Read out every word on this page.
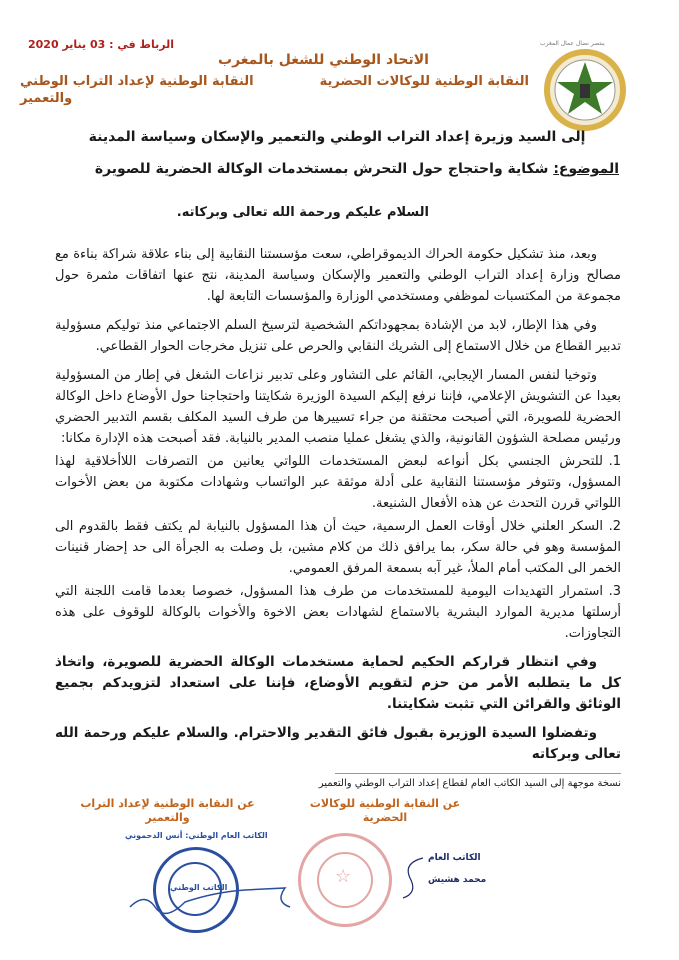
ينتصر نضال عمال المغرب
الرباط في : 03 يناير 2020
الاتحاد الوطني للشغل بالمغرب
النقابة الوطنية للوكالات الحضرية
النقابة الوطنية لإعداد التراب الوطني والتعمير
إلى السيد وزيرة إعداد التراب الوطني والتعمير والإسكان وسياسة المدينة
الموضوع: شكاية واحتجاج حول التحرش بمستخدمات الوكالة الحضرية للصويرة
السلام عليكم ورحمة الله تعالى وبركاته.
وبعد، منذ تشكيل حكومة الحراك الديموقراطي، سعت مؤسستنا النقابية إلى بناء علاقة شراكة بناءة مع مصالح وزارة إعداد التراب الوطني والتعمير والإسكان وسياسة المدينة، نتج عنها اتفاقات مثمرة حول مجموعة من المكتسبات لموظفي ومستخدمي الوزارة والمؤسسات التابعة لها.
وفي هذا الإطار، لابد من الإشادة بمجهوداتكم الشخصية لترسيخ السلم الاجتماعي منذ توليكم مسؤولية تدبير القطاع من خلال الاستماع إلى الشريك النقابي والحرص على تنزيل مخرجات الحوار القطاعي.
وتوخيا لنفس المسار الإيجابي، القائم على التشاور وعلى تدبير نزاعات الشغل في إطار من المسؤولية بعيدا عن التشويش الإعلامي، فإننا نرفع إليكم السيدة الوزيرة شكايتنا واحتجاجنا حول الأوضاع داخل الوكالة الحضرية للصويرة، التي أصبحت محتقنة من جراء تسييرها من طرف السيد المكلف بقسم التدبير الحضري ورئيس مصلحة الشؤون القانونية، والذي يشغل عمليا منصب المدير بالنيابة. فقد أصبحت هذه الإدارة مكانا:
1.للتحرش الجنسي بكل أنواعه لبعض المستخدمات اللواتي يعانين من التصرفات اللاأخلاقية لهذا المسؤول، وتتوفر مؤسستنا النقابية على أدلة موثقة عبر الواتساب وشهادات مكتوبة من بعض الأخوات اللواتي قررن التحدث عن هذه الأفعال الشنيعة.
2.السكر العلني خلال أوقات العمل الرسمية، حيث أن هذا المسؤول بالنيابة لم يكتف فقط بالقدوم الى المؤسسة وهو في حالة سكر، بما يرافق ذلك من كلام مشين، بل وصلت به الجرأة الى حد إحضار قنينات الخمر الى المكتب أمام الملأ، غير آبه بسمعة المرفق العمومي.
3.استمرار التهديدات اليومية للمستخدمات من طرف هذا المسؤول، خصوصا بعدما قامت اللجنة التي أرسلتها مديرية الموارد البشرية بالاستماع لشهادات بعض الاخوة والأخوات بالوكالة للوقوف على هذه التجاوزات.
وفي انتظار قراركم الحكيم لحماية مستخدمات الوكالة الحضرية للصويرة، واتخاذ كل ما يتطلبه الأمر من حزم لتقويم الأوضاع، فإننا على استعداد لتزويدكم بجميع الوثائق والقرائن التي تثبت شكايتنا.
وتفضلوا السيدة الوزيرة بقبول فائق التقدير والاحترام. والسلام عليكم ورحمة الله تعالى وبركاته
نسخة موجهة إلى السيد الكاتب العام لقطاع إعداد التراب الوطني والتعمير
عن النقابة الوطنية للوكالات الحضرية
عن النقابة الوطنية لإعداد التراب والتعمير
الكاتب العام الوطني: أنس الدحموني
الكاتب الوطني
☆
الكاتب العام
محمد هشيش
